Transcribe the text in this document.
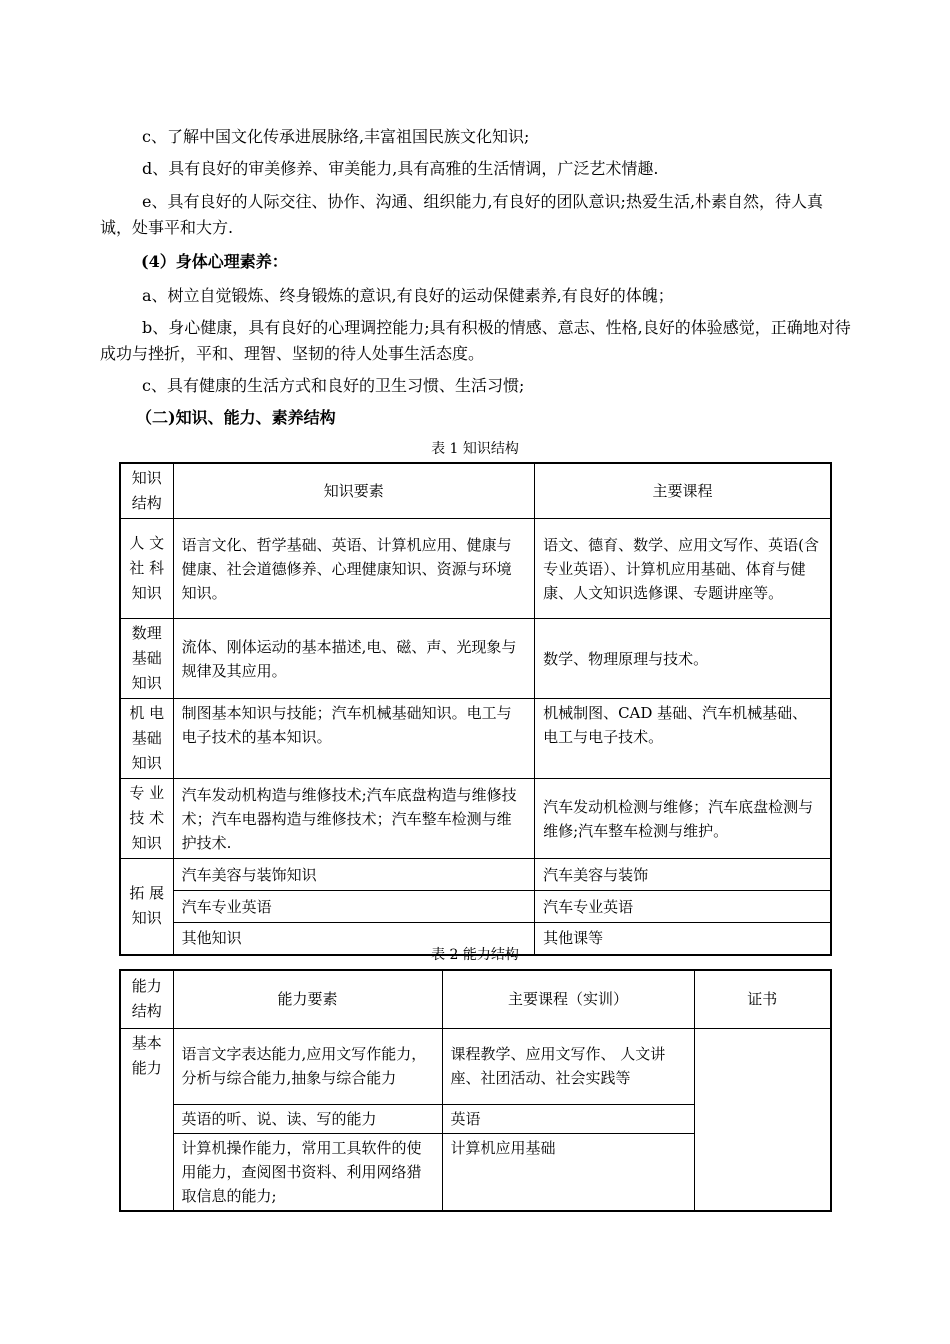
c、了解中国文化传承进展脉络,丰富祖国民族文化知识;

d、具有良好的审美修养、审美能力,具有高雅的生活情调，广泛艺术情趣.

e、具有良好的人际交往、协作、沟通、组织能力,有良好的团队意识;热爱生活,朴素自然，待人真诚，处事平和大方.

(4）身体心理素养：

a、树立自觉锻炼、终身锻炼的意识,有良好的运动保健素养,有良好的体魄；

b、身心健康，具有良好的心理调控能力;具有积极的情感、意志、性格,良好的体验感觉，正确地对待成功与挫折，平和、理智、坚韧的待人处事生活态度。

c、具有健康的生活方式和良好的卫生习惯、生活习惯;

（二)知识、能力、素养结构

表 1 知识结构
知识结构	知识要素	主要课程
人 文 社 科 知识	语言文化、哲学基础、英语、计算机应用、健康与健康、社会道德修养、心理健康知识、资源与环境知识。	语文、德育、数学、应用文写作、英语(含专业英语）、计算机应用基础、体育与健康、人文知识选修课、专题讲座等。
数理基础知识	流体、刚体运动的基本描述,电、磁、声、光现象与规律及其应用。	数学、物理原理与技术。
机 电 基础知识	制图基本知识与技能；汽车机械基础知识。电工与电子技术的基本知识。	机械制图、CAD 基础、汽车机械基础、电工与电子技术。
专 业 技 术 知识	汽车发动机构造与维修技术;汽车底盘构造与维修技术；汽车电器构造与维修技术；汽车整车检测与维护技术.	汽车发动机检测与维修；汽车底盘检测与维修;汽车整车检测与维护。
拓 展 知识	汽车美容与装饰知识	汽车美容与装饰
	汽车专业英语	汽车专业英语
	其他知识	其他课等
表 2 能力结构
能力结构	能力要素	主要课程（实训）	证书
基本能力	语言文字表达能力,应用文写作能力，分析与综合能力,抽象与综合能力	课程教学、应用文写作、 人文讲座、社团活动、社会实践等	
	英语的听、说、读、写的能力	英语	
	计算机操作能力，常用工具软件的使用能力，查阅图书资料、利用网络猎取信息的能力;	计算机应用基础	
